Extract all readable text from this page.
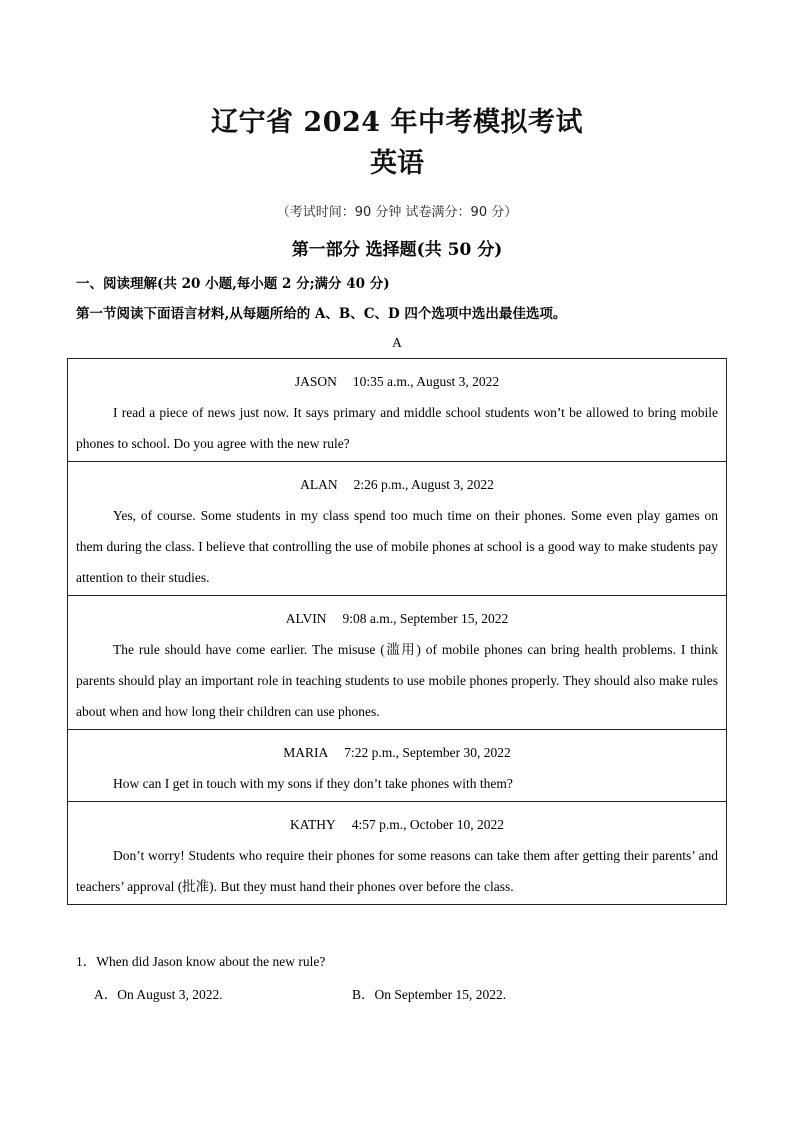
辽宁省 2024 年中考模拟考试
英语
（考试时间：90 分钟 试卷满分：90 分）
第一部分 选择题(共 50 分)
一、阅读理解(共 20 小题,每小题 2 分;满分 40 分)
第一节阅读下面语言材料,从每题所给的 A、B、C、D 四个选项中选出最佳选项。
A
JASON 10:35 a.m., August 3, 2022
I read a piece of news just now. It says primary and middle school students won’t be allowed to bring mobile phones to school. Do you agree with the new rule?
ALAN 2:26 p.m., August 3, 2022
Yes, of course. Some students in my class spend too much time on their phones. Some even play games on them during the class. I believe that controlling the use of mobile phones at school is a good way to make students pay attention to their studies.
ALVIN 9:08 a.m., September 15, 2022
The rule should have come earlier. The misuse (滥用) of mobile phones can bring health problems. I think parents should play an important role in teaching students to use mobile phones properly. They should also make rules about when and how long their children can use phones.
MARIA 7:22 p.m., September 30, 2022
How can I get in touch with my sons if they don’t take phones with them?
KATHY 4:57 p.m., October 10, 2022
Don’t worry! Students who require their phones for some reasons can take them after getting their parents’ and teachers’ approval (批准). But they must hand their phones over before the class.
1．When did Jason know about the new rule?
A．On August 3, 2022.	B．On September 15, 2022.
